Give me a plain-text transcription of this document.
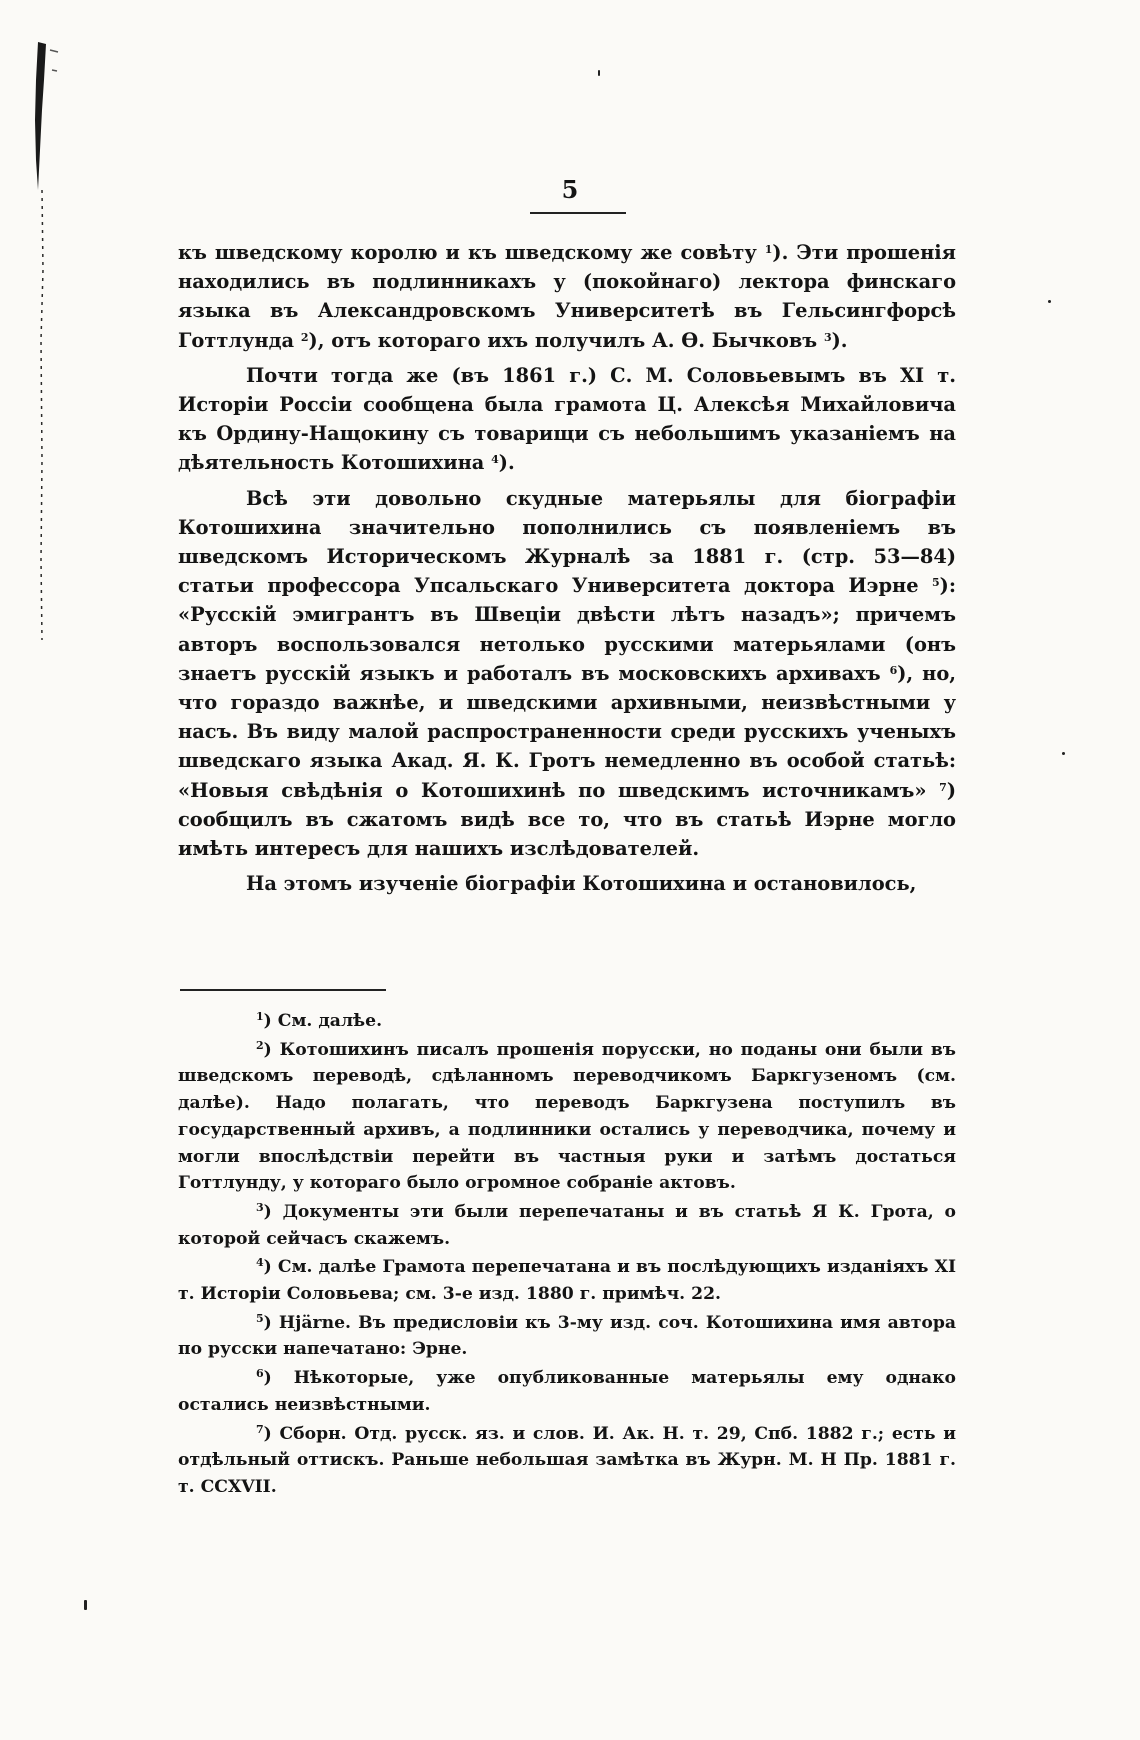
5

къ шведскому королю и къ шведскому же совѣту $^1$). Эти прошенія находились въ подлинникахъ у (покойнаго) лектора финскаго языка въ Александровскомъ Университетѣ въ Гельсингфорсѣ Готтлунда $^2$), отъ котораго ихъ получилъ А. Ѳ. Бычковъ $^3$).

Почти тогда же (въ 1861 г.) С. М. Соловьевымъ въ XI т. Исторіи Россіи сообщена была грамота Ц. Алексѣя Михайловича къ Ордину-Нащокину съ товарищи съ небольшимъ указаніемъ на дѣятельность Котошихина $^4$).

Всѣ эти довольно скудные матерьялы для біографіи Котошихина значительно пополнились съ появленіемъ въ шведскомъ Историческомъ Журналѣ за 1881 г. (стр. 53—84) статьи профессора Упсальскаго Университета доктора Иэрне $^5$): «Русскій эмигрантъ въ Швеціи двѣсти лѣтъ назадъ»; причемъ авторъ воспользовался нетолько русскими матерьялами (онъ знаетъ русскій языкъ и работалъ въ московскихъ архивахъ $^6$), но, что гораздо важнѣе, и шведскими архивными, неизвѣстными у насъ. Въ виду малой распространенности среди русскихъ ученыхъ шведскаго языка Акад. Я. К. Гротъ немедленно въ особой статьѣ: «Новыя свѣдѣнія о Котошихинѣ по шведскимъ источникамъ» $^7$) сообщилъ въ сжатомъ видѣ все то, что въ статьѣ Иэрне могло имѣть интересъ для нашихъ изслѣдователей.

На этомъ изученіе біографіи Котошихина и остановилось,

$^1$) См. далѣе.

$^2$) Котошихинъ писалъ прошенія порусски, но поданы они были въ шведскомъ переводѣ, сдѣланномъ переводчикомъ Баркгузеномъ (см. далѣе). Надо полагать, что переводъ Баркгузена поступилъ въ государственный архивъ, а подлинники остались у переводчика, почему и могли впослѣдствіи перейти въ частныя руки и затѣмъ достаться Готтлунду, у котораго было огромное собраніе актовъ.

$^3$) Документы эти были перепечатаны и въ статьѣ Я К. Грота, о которой сейчасъ скажемъ.

$^4$) См. далѣе Грамота перепечатана и въ послѣдующихъ изданіяхъ XI т. Исторіи Соловьева; см. 3-е изд. 1880 г. примѣч. 22.

$^5$) Hjärne. Въ предисловіи къ 3-му изд. соч. Котошихина имя автора по русски напечатано: Эрне.

$^6$) Нѣкоторые, уже опубликованные матерьялы ему однако остались неизвѣстными.

$^7$) Сборн. Отд. русск. яз. и слов. И. Ак. Н. т. 29, Спб. 1882 г.; есть и отдѣльный оттискъ. Раньше небольшая замѣтка въ Журн. М. Н Пр. 1881 г. т. CCXVII.
